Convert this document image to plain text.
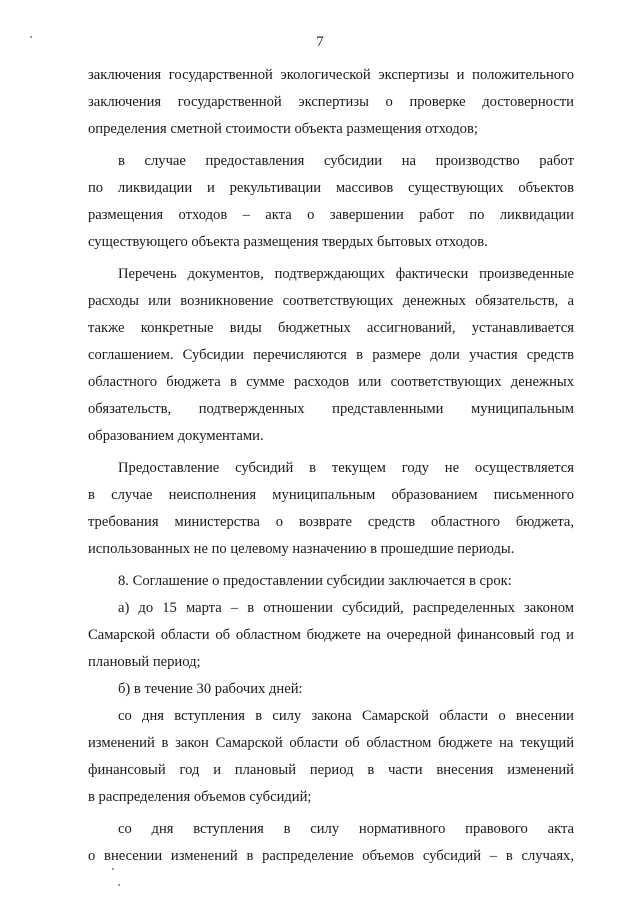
7

заключения государственной экологической экспертизы и положительного
заключения государственной экспертизы о проверке достоверности
определения сметной стоимости объекта размещения отходов;

в случае предоставления субсидии на производство работ
по ликвидации и рекультивации массивов существующих объектов
размещения отходов – акта о завершении работ по ликвидации
существующего объекта размещения твердых бытовых отходов.

Перечень документов, подтверждающих фактически произведенные
расходы или возникновение соответствующих денежных обязательств, а
также конкретные виды бюджетных ассигнований, устанавливается
соглашением. Субсидии перечисляются в размере доли участия средств
областного бюджета в сумме расходов или соответствующих денежных
обязательств, подтвержденных представленными муниципальным
образованием документами.

Предоставление субсидий в текущем году не осуществляется
в случае неисполнения муниципальным образованием письменного
требования министерства о возврате средств областного бюджета,
использованных не по целевому назначению в прошедшие периоды.

8. Соглашение о предоставлении субсидии заключается в срок:

а) до 15 марта – в отношении субсидий, распределенных законом
Самарской области об областном бюджете на очередной финансовый год и
плановый период;

б) в течение 30 рабочих дней:

со дня вступления в силу закона Самарской области о внесении
изменений в закон Самарской области об областном бюджете на текущий
финансовый год и плановый период в части внесения изменений
в распределения объемов субсидий;

со дня вступления в силу нормативного правового акта
о внесении изменений в распределение объемов субсидий – в случаях,
